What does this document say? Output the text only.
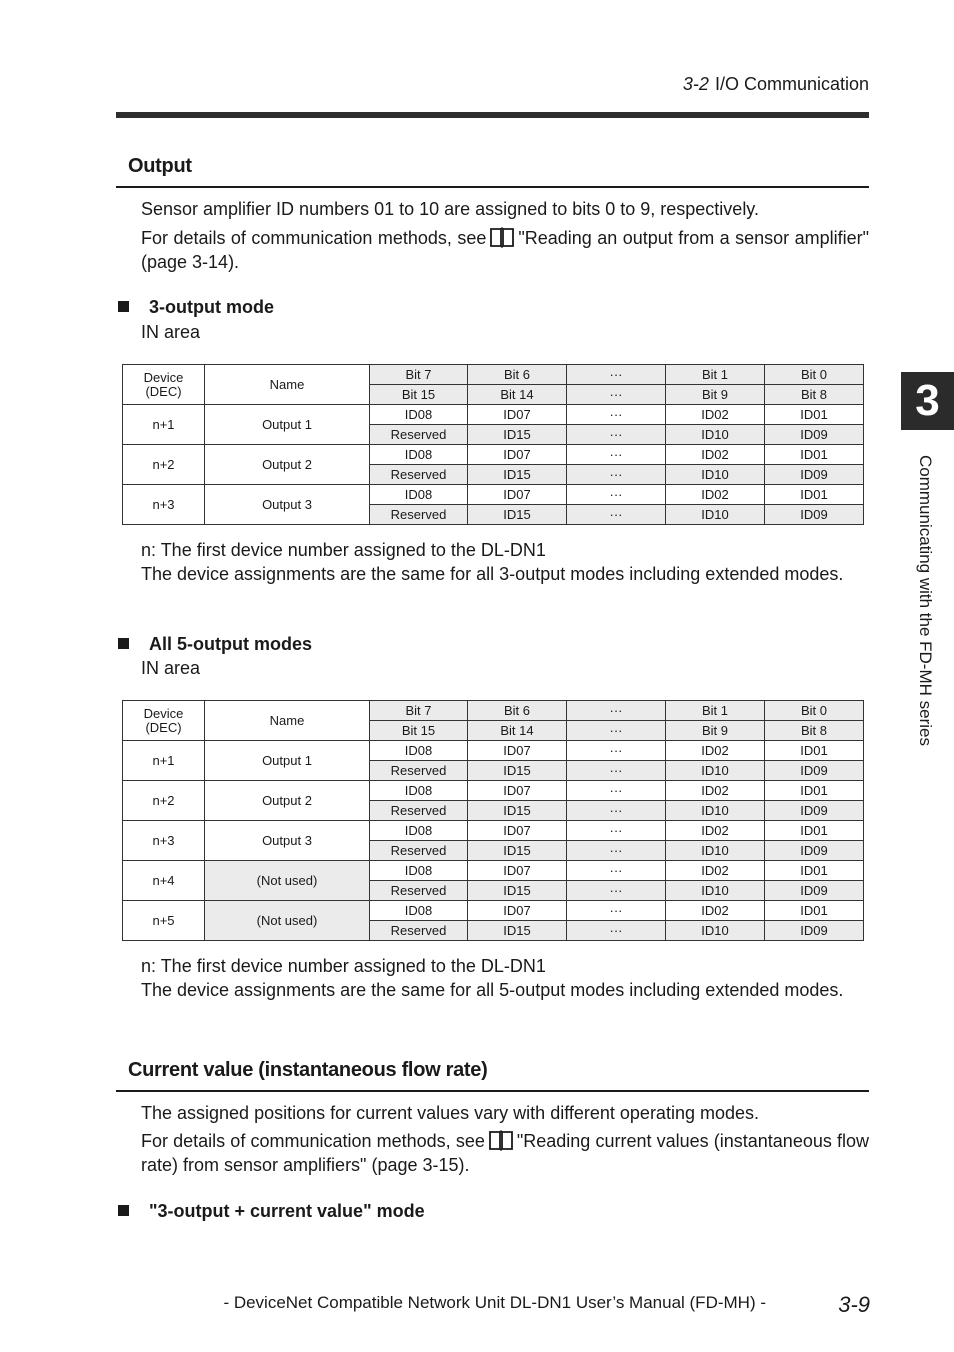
3-2 I/O Communication
Output
Sensor amplifier ID numbers 01 to 10 are assigned to bits 0 to 9, respectively.
For details of communication methods, see "Reading an output from a sensor amplifier" (page 3-14).
3-output mode
IN area
Device
(DEC)	Name	Bit 7	Bit 6	···	Bit 1	Bit 0
		Bit 15	Bit 14	···	Bit 9	Bit 8
n+1	Output 1	ID08	ID07	···	ID02	ID01
		Reserved	ID15	···	ID10	ID09
n+2	Output 2	ID08	ID07	···	ID02	ID01
		Reserved	ID15	···	ID10	ID09
n+3	Output 3	ID08	ID07	···	ID02	ID01
		Reserved	ID15	···	ID10	ID09
n: The first device number assigned to the DL-DN1
The device assignments are the same for all 3-output modes including extended modes.
All 5-output modes
IN area
Device
(DEC)	Name	Bit 7	Bit 6	···	Bit 1	Bit 0
		Bit 15	Bit 14	···	Bit 9	Bit 8
n+1	Output 1	ID08	ID07	···	ID02	ID01
		Reserved	ID15	···	ID10	ID09
n+2	Output 2	ID08	ID07	···	ID02	ID01
		Reserved	ID15	···	ID10	ID09
n+3	Output 3	ID08	ID07	···	ID02	ID01
		Reserved	ID15	···	ID10	ID09
n+4	(Not used)	ID08	ID07	···	ID02	ID01
		Reserved	ID15	···	ID10	ID09
n+5	(Not used)	ID08	ID07	···	ID02	ID01
		Reserved	ID15	···	ID10	ID09
n: The first device number assigned to the DL-DN1
The device assignments are the same for all 5-output modes including extended modes.
Current value (instantaneous flow rate)
The assigned positions for current values vary with different operating modes.
For details of communication methods, see "Reading current values (instantaneous flow rate) from sensor amplifiers" (page 3-15).
"3-output + current value" mode
3
Communicating with the FD-MH series
- DeviceNet Compatible Network Unit DL-DN1 User’s Manual (FD-MH) -	3-9
